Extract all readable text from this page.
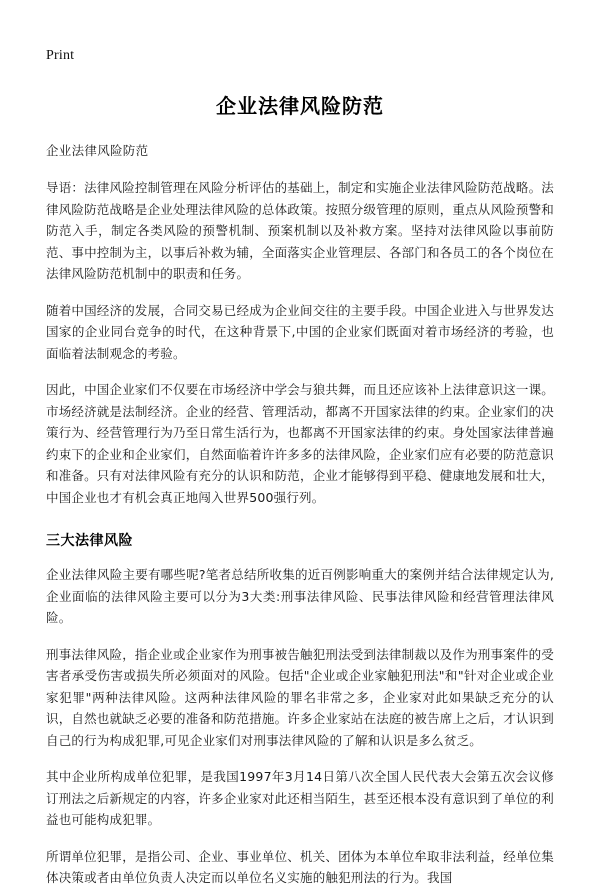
Print
企业法律风险防范
企业法律风险防范

导语：法律风险控制管理在风险分析评估的基础上，制定和实施企业法律风险防范战略。法律风险防范战略是企业处理法律风险的总体政策。按照分级管理的原则，重点从风险预警和防范入手，制定各类风险的预警机制、预案机制以及补救方案。坚持对法律风险以事前防范、事中控制为主，以事后补救为辅，全面落实企业管理层、各部门和各员工的各个岗位在法律风险防范机制中的职责和任务。

随着中国经济的发展，合同交易已经成为企业间交往的主要手段。中国企业进入与世界发达国家的企业同台竞争的时代，在这种背景下,中国的企业家们既面对着市场经济的考验，也面临着法制观念的考验。

因此，中国企业家们不仅要在市场经济中学会与狼共舞，而且还应该补上法律意识这一课。市场经济就是法制经济。企业的经营、管理活动，都离不开国家法律的约束。企业家们的决策行为、经营管理行为乃至日常生活行为，也都离不开国家法律的约束。身处国家法律普遍约束下的企业和企业家们，自然面临着许许多多的法律风险，企业家们应有必要的防范意识和准备。只有对法律风险有充分的认识和防范，企业才能够得到平稳、健康地发展和壮大，中国企业也才有机会真正地闯入世界500强行列。

三大法律风险

企业法律风险主要有哪些呢?笔者总结所收集的近百例影响重大的案例并结合法律规定认为,企业面临的法律风险主要可以分为3大类:刑事法律风险、民事法律风险和经营管理法律风险。

刑事法律风险，指企业或企业家作为刑事被告触犯刑法受到法律制裁以及作为刑事案件的受害者承受伤害或损失所必须面对的风险。包括"企业或企业家触犯刑法"和"针对企业或企业家犯罪"两种法律风险。这两种法律风险的罪名非常之多，企业家对此如果缺乏充分的认识，自然也就缺乏必要的准备和防范措施。许多企业家站在法庭的被告席上之后，才认识到自己的行为构成犯罪,可见企业家们对刑事法律风险的了解和认识是多么贫乏。

其中企业所构成单位犯罪，是我国1997年3月14日第八次全国人民代表大会第五次会议修订刑法之后新规定的内容，许多企业家对此还相当陌生，甚至还根本没有意识到了单位的利益也可能构成犯罪。

所谓单位犯罪，是指公司、企业、事业单位、机关、团体为本单位牟取非法利益，经单位集体决策或者由单位负责人决定而以单位名义实施的触犯刑法的行为。我国
